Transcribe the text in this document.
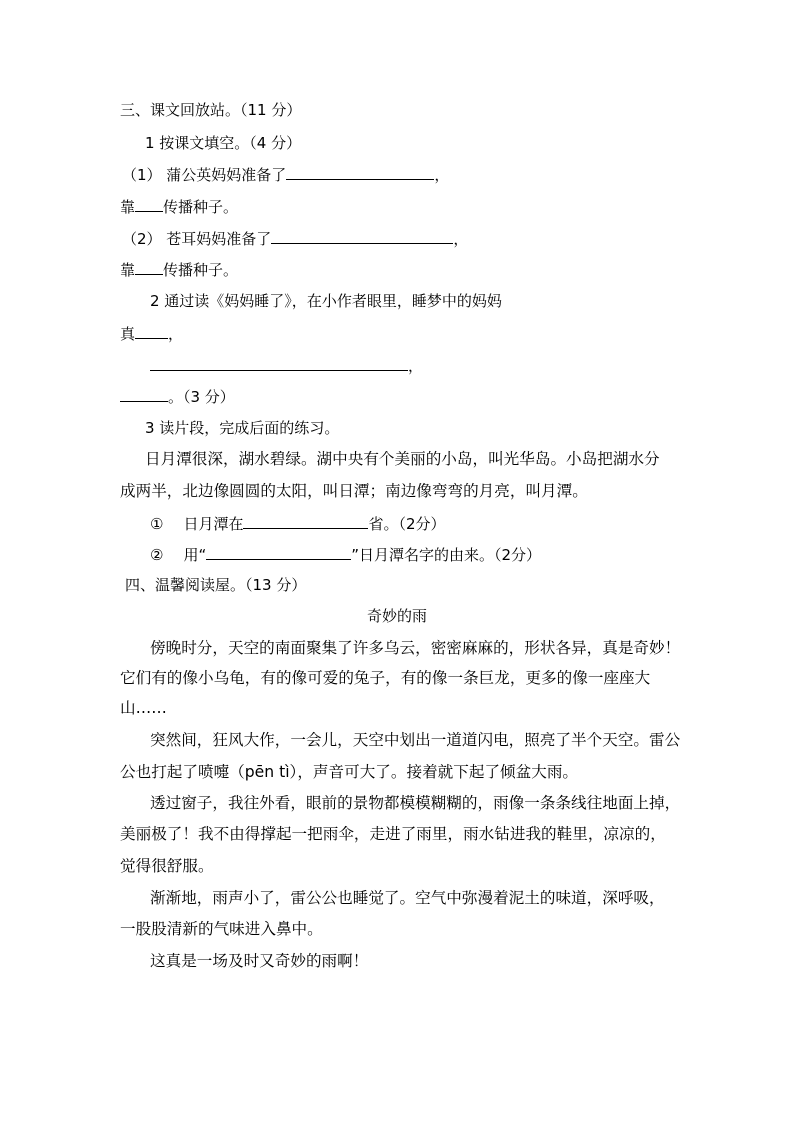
三、课文回放站。（11 分）
1 按课文填空。（4 分）
（1） 蒲公英妈妈准备了	，
靠 传播种子。
（2） 苍耳妈妈准备了	，
靠 传播种子。
2 通过读《妈妈睡了》，在小作者眼里，睡梦中的妈妈
真 ，
，
。（3 分）
3 读片段，完成后面的练习。
日月潭很深，湖水碧绿。湖中央有个美丽的小岛，叫光华岛。小岛把湖水分
成两半，北边像圆圆的太阳，叫日潭；南边像弯弯的月亮，叫月潭。
① 日月潭在	省。（2分）
② 用“	”日月潭名字的由来。（2分）
四、温馨阅读屋。（13 分）
奇妙的雨
傍晚时分，天空的南面聚集了许多乌云，密密麻麻的，形状各异，真是奇妙！
它们有的像小乌龟，有的像可爱的兔子，有的像一条巨龙，更多的像一座座大
山……
突然间，狂风大作，一会儿，天空中划出一道道闪电，照亮了半个天空。雷公
公也打起了喷嚏（pēn tì），声音可大了。接着就下起了倾盆大雨。
透过窗子，我往外看，眼前的景物都模模糊糊的，雨像一条条线往地面上掉，
美丽极了！我不由得撑起一把雨伞，走进了雨里，雨水钻进我的鞋里，凉凉的，
觉得很舒服。
渐渐地，雨声小了，雷公公也睡觉了。空气中弥漫着泥土的味道，深呼吸，
一股股清新的气味进入鼻中。
这真是一场及时又奇妙的雨啊！
